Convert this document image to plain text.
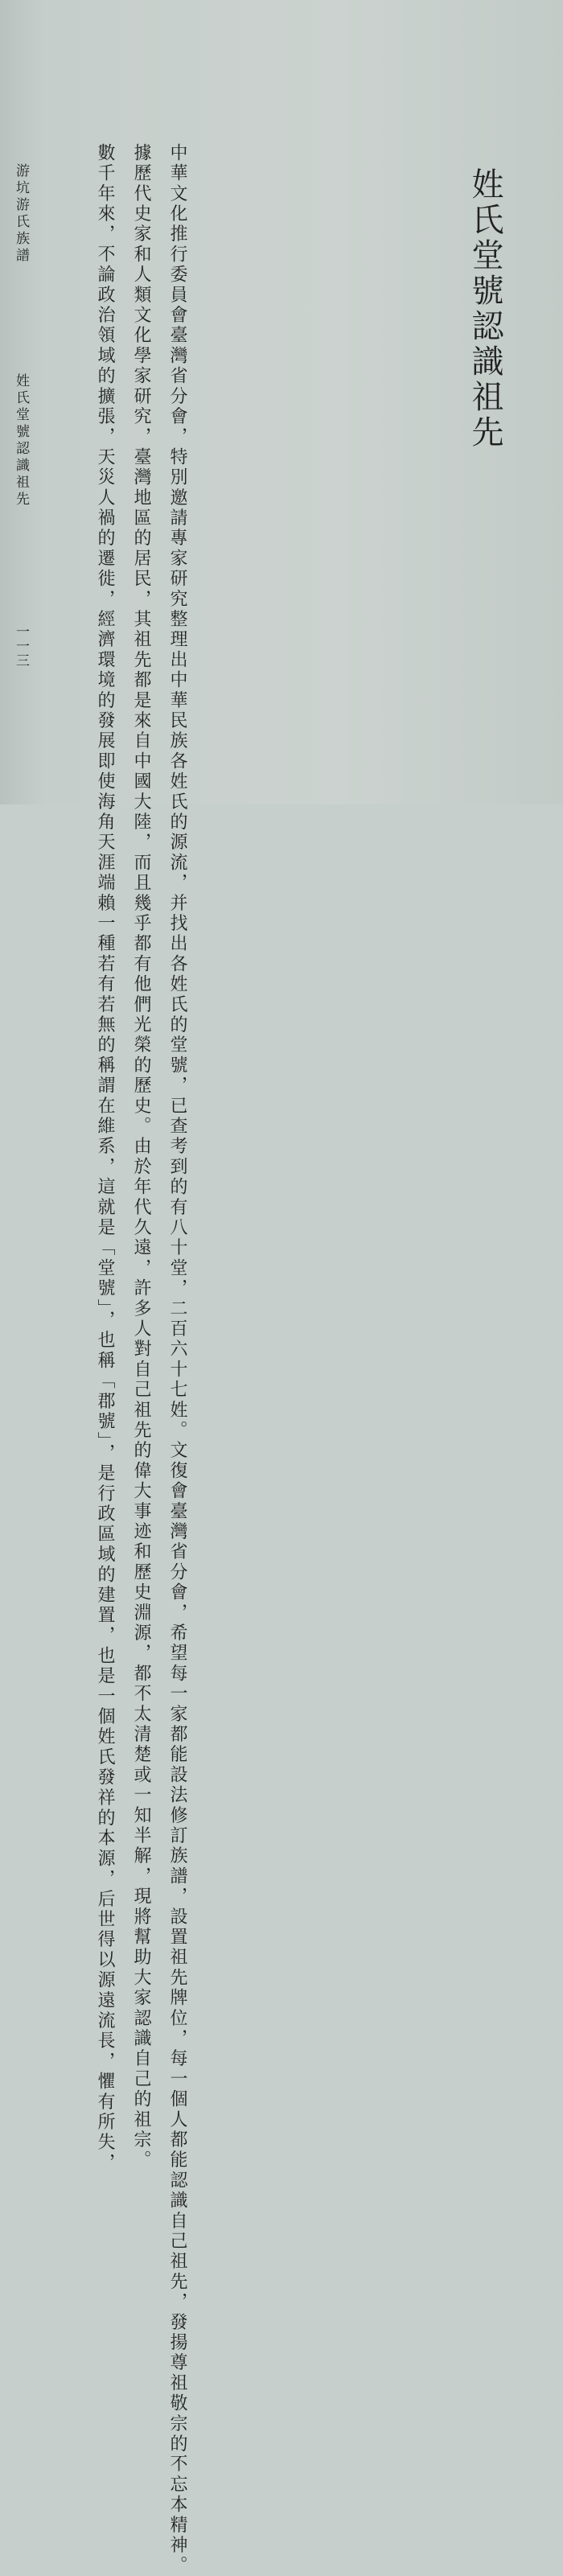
姓氏堂號認識祖先
中華文化推行委員會臺灣省分會，特別邀請專家研究整理出中華民族各姓氏的源流，并找出各姓氏的堂號，已查考到的有八十堂，二百六十七姓。文復會臺灣省分會，希望每一家都能設法修訂族譜，設置祖先牌位，每一個人都能認識自己祖先，發揚尊祖敬宗的不忘本精神。
據歷代史家和人類文化學家研究，臺灣地區的居民，其祖先都是來自中國大陸，而且幾乎都有他們光榮的歷史。由於年代久遠，許多人對自己祖先的偉大事迹和歷史淵源，都不太清楚或一知半解，現將幫助大家認識自己的祖宗。
數千年來，不論政治領域的擴張，天災人禍的遷徙，經濟環境的發展即使海角天涯端賴一種若有若無的稱謂在維系，這就是「堂號」，也稱「郡號」，是行政區域的建置，也是一個姓氏發祥的本源，后世得以源遠流長，懼有所失，
游坑游氏族譜
姓氏堂號認識祖先
一一三
